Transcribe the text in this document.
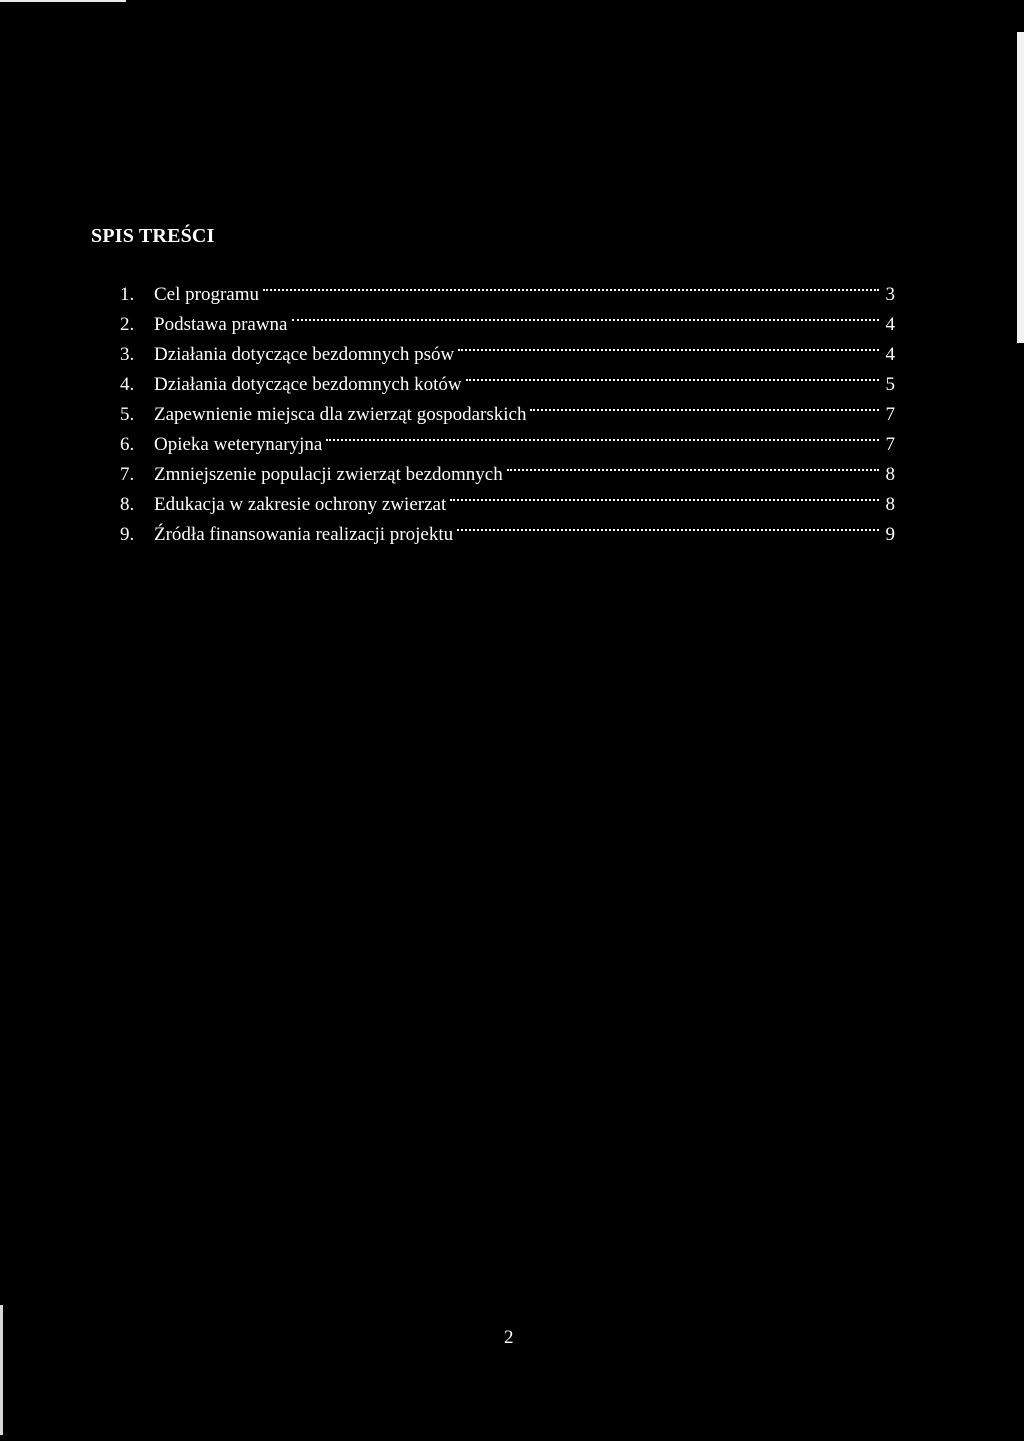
SPIS TREŚCI
1.	Cel programu	3
2.	Podstawa prawna	4
3.	Działania dotyczące bezdomnych psów	4
4.	Działania dotyczące bezdomnych kotów	5
5.	Zapewnienie miejsca dla zwierząt gospodarskich	7
6.	Opieka weterynaryjna	7
7.	Zmniejszenie populacji zwierząt bezdomnych	8
8.	Edukacja w zakresie ochrony zwierzat	8
9.	Źródła finansowania realizacji projektu	9
2
